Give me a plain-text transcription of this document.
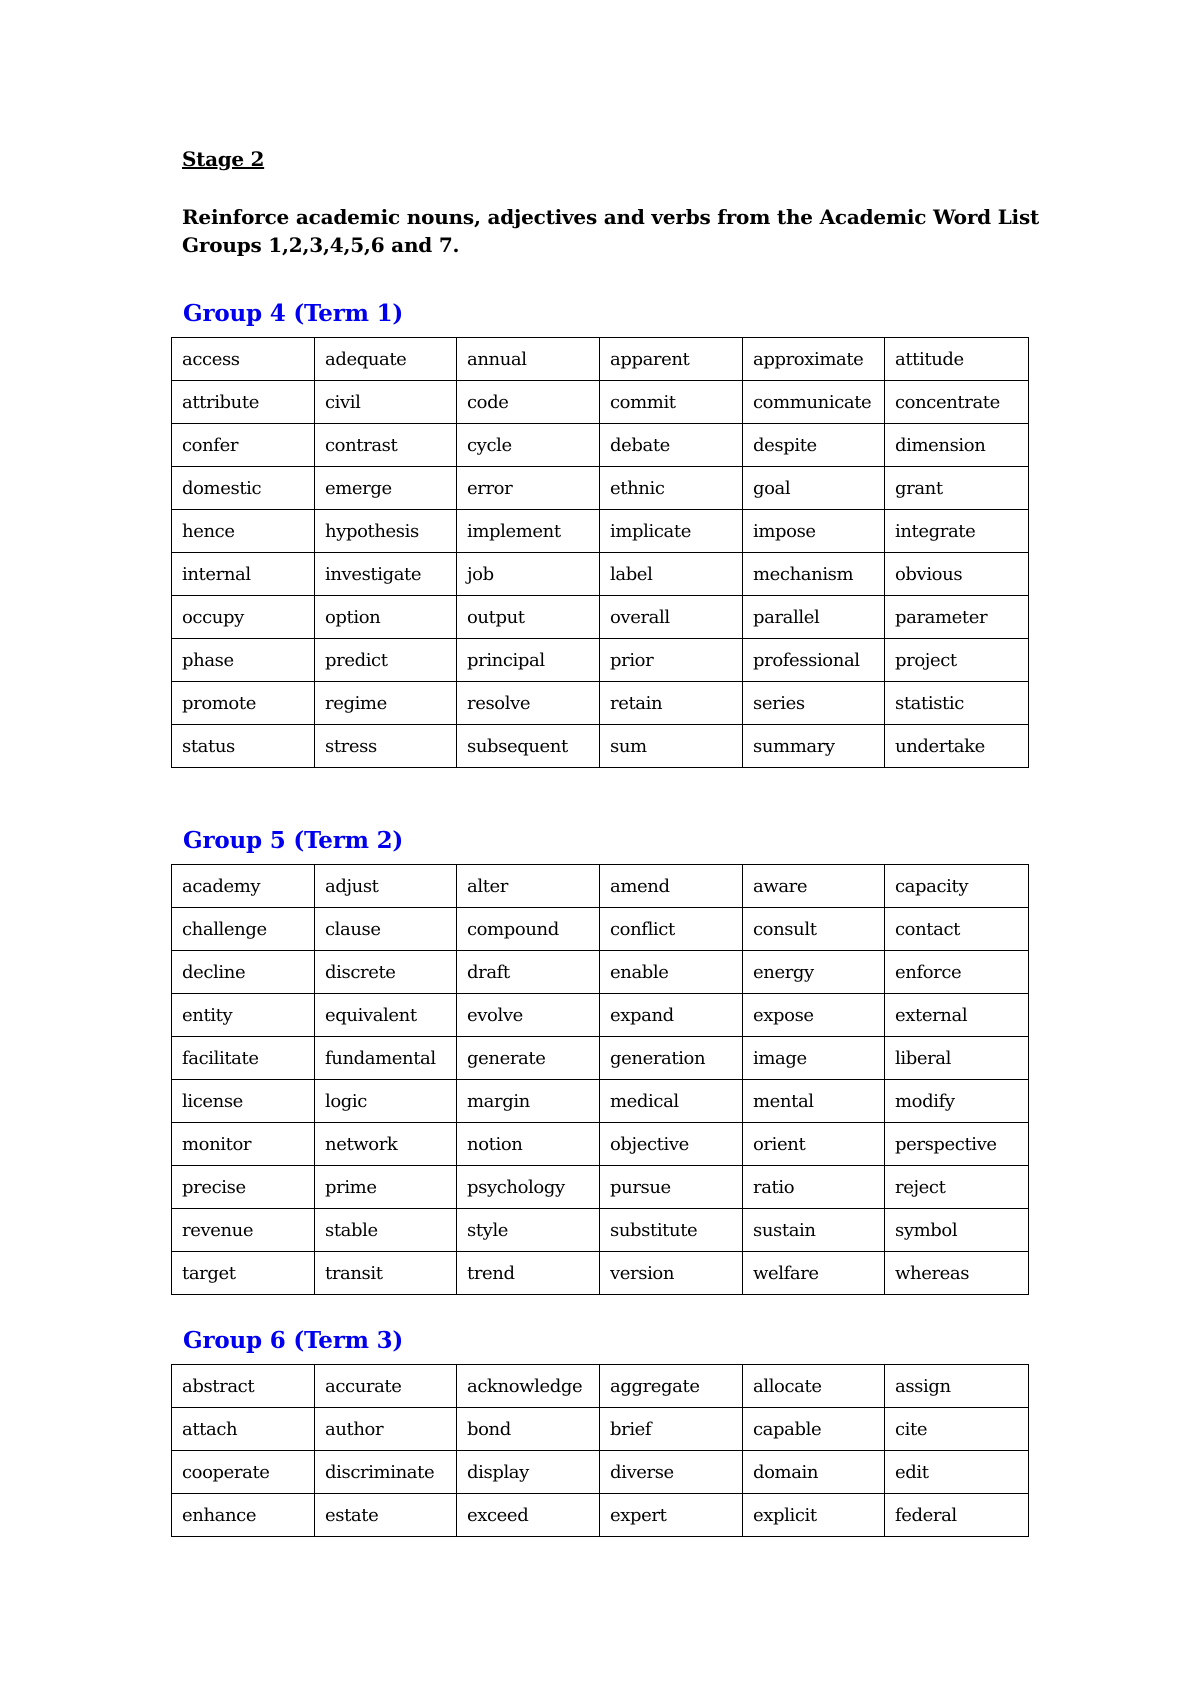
Stage 2
Reinforce academic nouns, adjectives and verbs from the Academic Word List
Groups 1,2,3,4,5,6 and 7.
Group 4 (Term 1)
access	adequate	annual	apparent	approximate	attitude
attribute	civil	code	commit	communicate	concentrate
confer	contrast	cycle	debate	despite	dimension
domestic	emerge	error	ethnic	goal	grant
hence	hypothesis	implement	implicate	impose	integrate
internal	investigate	job	label	mechanism	obvious
occupy	option	output	overall	parallel	parameter
phase	predict	principal	prior	professional	project
promote	regime	resolve	retain	series	statistic
status	stress	subsequent	sum	summary	undertake
Group 5 (Term 2)
academy	adjust	alter	amend	aware	capacity
challenge	clause	compound	conflict	consult	contact
decline	discrete	draft	enable	energy	enforce
entity	equivalent	evolve	expand	expose	external
facilitate	fundamental	generate	generation	image	liberal
license	logic	margin	medical	mental	modify
monitor	network	notion	objective	orient	perspective
precise	prime	psychology	pursue	ratio	reject
revenue	stable	style	substitute	sustain	symbol
target	transit	trend	version	welfare	whereas
Group 6 (Term 3)
abstract	accurate	acknowledge	aggregate	allocate	assign
attach	author	bond	brief	capable	cite
cooperate	discriminate	display	diverse	domain	edit
enhance	estate	exceed	expert	explicit	federal
